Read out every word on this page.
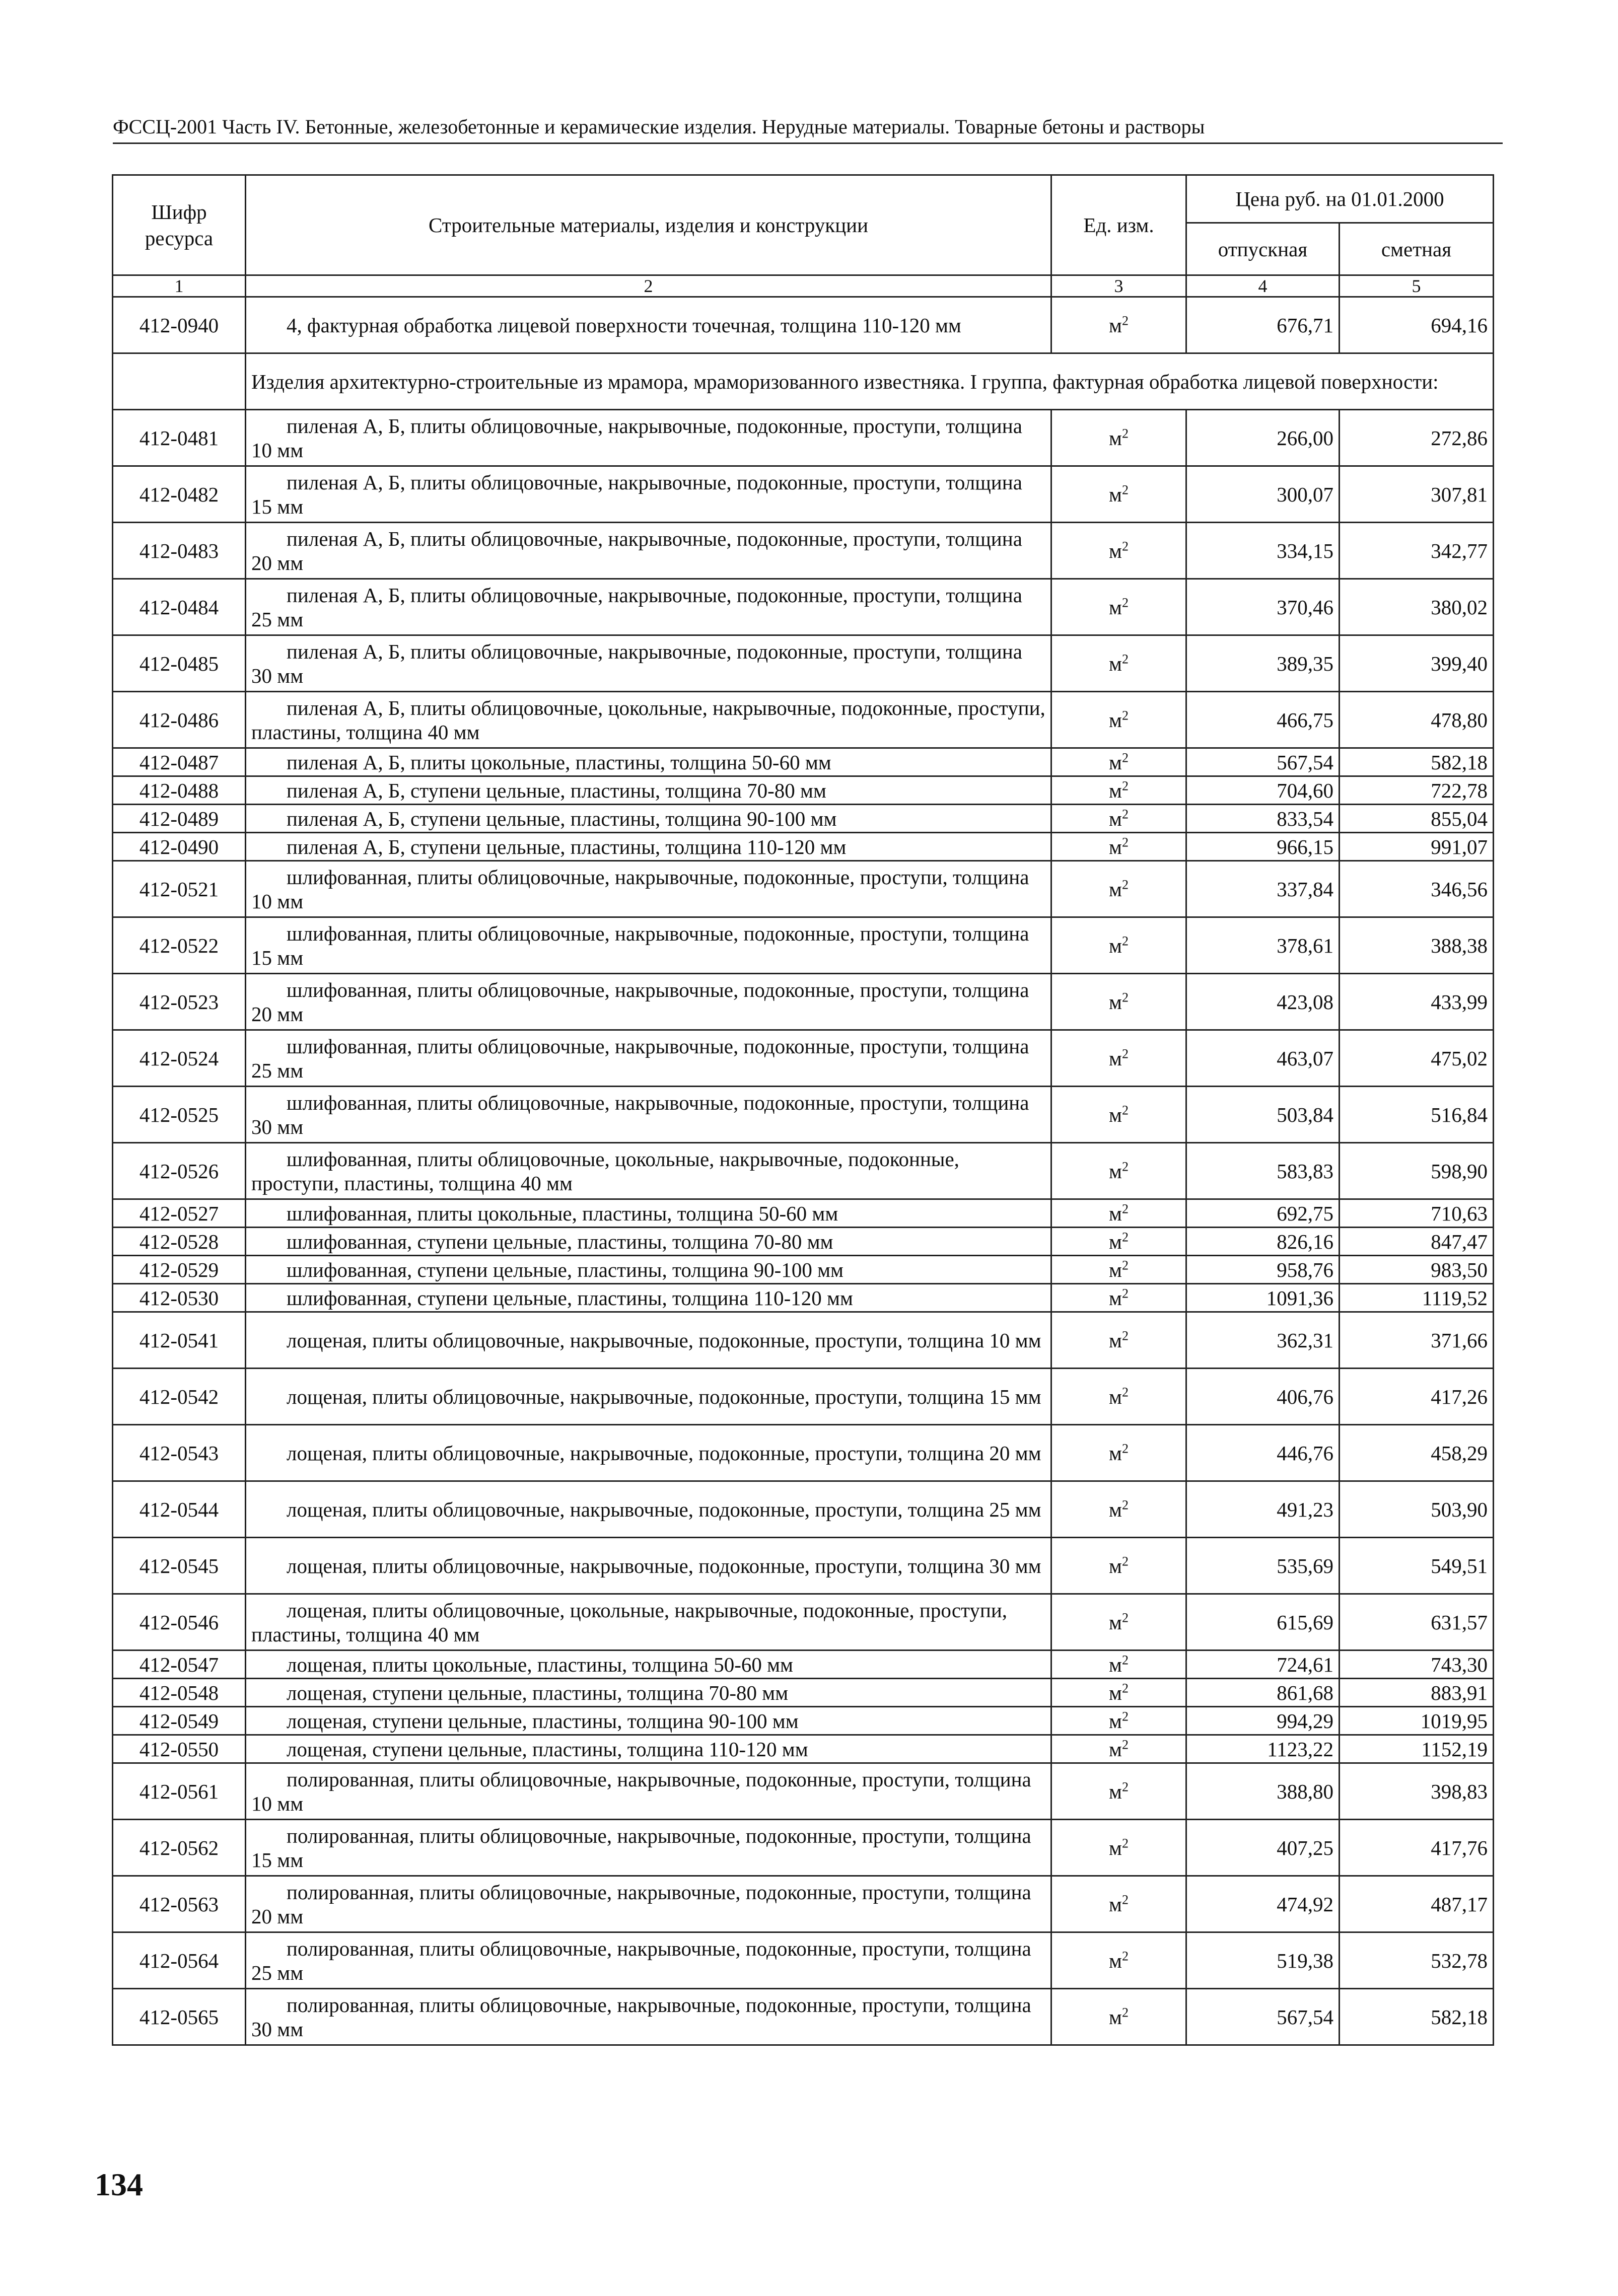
ФССЦ-2001 Часть IV. Бетонные, железобетонные и керамические изделия. Нерудные материалы. Товарные бетоны и растворы
Шифр ресурса	Строительные материалы, изделия и конструкции	Ед. изм.	Цена руб. на 01.01.2000	
			отпускная	сметная
1	2	3	4	5
412-0940	4, фактурная обработка лицевой поверхности точечная, толщина 110-120 мм	$м^2$	676,71	694,16
	Изделия архитектурно-строительные из мрамора, мраморизованного известняка. I группа, фактурная обработка лицевой поверхности:			
412-0481	пиленая А, Б, плиты облицовочные, накрывочные, подоконные, проступи, толщина 10 мм	$м^2$	266,00	272,86
412-0482	пиленая А, Б, плиты облицовочные, накрывочные, подоконные, проступи, толщина 15 мм	$м^2$	300,07	307,81
412-0483	пиленая А, Б, плиты облицовочные, накрывочные, подоконные, проступи, толщина 20 мм	$м^2$	334,15	342,77
412-0484	пиленая А, Б, плиты облицовочные, накрывочные, подоконные, проступи, толщина 25 мм	$м^2$	370,46	380,02
412-0485	пиленая А, Б, плиты облицовочные, накрывочные, подоконные, проступи, толщина 30 мм	$м^2$	389,35	399,40
412-0486	пиленая А, Б, плиты облицовочные, цокольные, накрывочные, подоконные, проступи, пластины, толщина 40 мм	$м^2$	466,75	478,80
412-0487	пиленая А, Б, плиты цокольные, пластины, толщина 50-60 мм	$м^2$	567,54	582,18
412-0488	пиленая А, Б, ступени цельные, пластины, толщина 70-80 мм	$м^2$	704,60	722,78
412-0489	пиленая А, Б, ступени цельные, пластины, толщина 90-100 мм	$м^2$	833,54	855,04
412-0490	пиленая А, Б, ступени цельные, пластины, толщина 110-120 мм	$м^2$	966,15	991,07
412-0521	шлифованная, плиты облицовочные, накрывочные, подоконные, проступи, толщина 10 мм	$м^2$	337,84	346,56
412-0522	шлифованная, плиты облицовочные, накрывочные, подоконные, проступи, толщина 15 мм	$м^2$	378,61	388,38
412-0523	шлифованная, плиты облицовочные, накрывочные, подоконные, проступи, толщина 20 мм	$м^2$	423,08	433,99
412-0524	шлифованная, плиты облицовочные, накрывочные, подоконные, проступи, толщина 25 мм	$м^2$	463,07	475,02
412-0525	шлифованная, плиты облицовочные, накрывочные, подоконные, проступи, толщина 30 мм	$м^2$	503,84	516,84
412-0526	шлифованная, плиты облицовочные, цокольные, накрывочные, подоконные, проступи, пластины, толщина 40 мм	$м^2$	583,83	598,90
412-0527	шлифованная, плиты цокольные, пластины, толщина 50-60 мм	$м^2$	692,75	710,63
412-0528	шлифованная, ступени цельные, пластины, толщина 70-80 мм	$м^2$	826,16	847,47
412-0529	шлифованная, ступени цельные, пластины, толщина 90-100 мм	$м^2$	958,76	983,50
412-0530	шлифованная, ступени цельные, пластины, толщина 110-120 мм	$м^2$	1091,36	1119,52
412-0541	лощеная, плиты облицовочные, накрывочные, подоконные, проступи, толщина 10 мм	$м^2$	362,31	371,66
412-0542	лощеная, плиты облицовочные, накрывочные, подоконные, проступи, толщина 15 мм	$м^2$	406,76	417,26
412-0543	лощеная, плиты облицовочные, накрывочные, подоконные, проступи, толщина 20 мм	$м^2$	446,76	458,29
412-0544	лощеная, плиты облицовочные, накрывочные, подоконные, проступи, толщина 25 мм	$м^2$	491,23	503,90
412-0545	лощеная, плиты облицовочные, накрывочные, подоконные, проступи, толщина 30 мм	$м^2$	535,69	549,51
412-0546	лощеная, плиты облицовочные, цокольные, накрывочные, подоконные, проступи, пластины, толщина 40 мм	$м^2$	615,69	631,57
412-0547	лощеная, плиты цокольные, пластины, толщина 50-60 мм	$м^2$	724,61	743,30
412-0548	лощеная, ступени цельные, пластины, толщина 70-80 мм	$м^2$	861,68	883,91
412-0549	лощеная, ступени цельные, пластины, толщина 90-100 мм	$м^2$	994,29	1019,95
412-0550	лощеная, ступени цельные, пластины, толщина 110-120 мм	$м^2$	1123,22	1152,19
412-0561	полированная, плиты облицовочные, накрывочные, подоконные, проступи, толщина 10 мм	$м^2$	388,80	398,83
412-0562	полированная, плиты облицовочные, накрывочные, подоконные, проступи, толщина 15 мм	$м^2$	407,25	417,76
412-0563	полированная, плиты облицовочные, накрывочные, подоконные, проступи, толщина 20 мм	$м^2$	474,92	487,17
412-0564	полированная, плиты облицовочные, накрывочные, подоконные, проступи, толщина 25 мм	$м^2$	519,38	532,78
412-0565	полированная, плиты облицовочные, накрывочные, подоконные, проступи, толщина 30 мм	$м^2$	567,54	582,18
134
